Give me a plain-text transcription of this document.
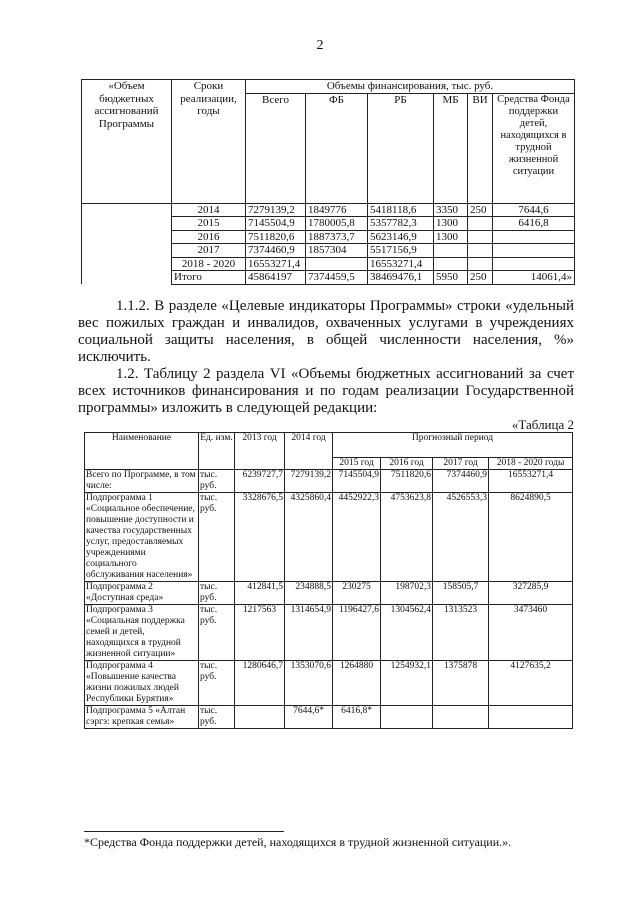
2
«Объем бюджетных ассигнований Программы	Сроки реализации, годы	Объемы финансирования, тыс. руб.					
		Всего	ФБ	РБ	МБ	ВИ	Средства Фонда поддержки детей, находящихся в трудной жизненной ситуации
	2014	7279139,2	1849776	5418118,6	3350	250	7644,6
	2015	7145504,9	1780005,8	5357782,3	1300		6416,8
	2016	7511820,6	1887373,7	5623146,9	1300		
	2017	7374460,9	1857304	5517156,9			
	2018 - 2020	16553271,4		16553271,4			
	Итого	45864197	7374459,5	38469476,1	5950	250	14061,4»
1.1.2. В разделе «Целевые индикаторы Программы» строки «удельный вес пожилых граждан и инвалидов, охваченных услугами в учреждениях социальной защиты населения, в общей численности населения, %» исключить.
1.2. Таблицу 2 раздела VI «Объемы бюджетных ассигнований за счет всех источников финансирования и по годам реализации Государственной программы» изложить в следующей редакции:
«Таблица 2
Наименование	Ед. изм.	2013 год	2014 год	Прогнозный период			
				2015 год	2016 год	2017 год	2018 - 2020 годы
Всего по Программе, в том числе:	тыс. руб.	6239727,7	7279139,2	7145504,9	7511820,6	7374460,9	16553271,4
Подпрограмма 1 «Социальное обеспечение, повышение доступности и качества государственных услуг, предоставляемых учреждениями социального обслуживания населения»	тыс. руб.	3328676,5	4325860,4	4452922,3	4753623,8	4526553,3	8624890,5
Подпрограмма 2 «Доступная среда»	тыс. руб.	412841,5	234888,5	230275	198702,3	158505,7	327285,9
Подпрограмма 3 «Социальная поддержка семей и детей, находящихся в трудной жизненной ситуации»	тыс. руб.	1217563	1314654,9	1196427,6	1304562,4	1313523	3473460
Подпрограмма 4 «Повышение качества жизни пожилых людей Республики Бурятия»	тыс. руб.	1280646,7	1353070,6	1264880	1254932,1	1375878	4127635,2
Подпрограмма 5 «Алтан сэргэ: крепкая семья»	тыс. руб.		7644,6*	6416,8*			
*Средства Фонда поддержки детей, находящихся в трудной жизненной ситуации.».
